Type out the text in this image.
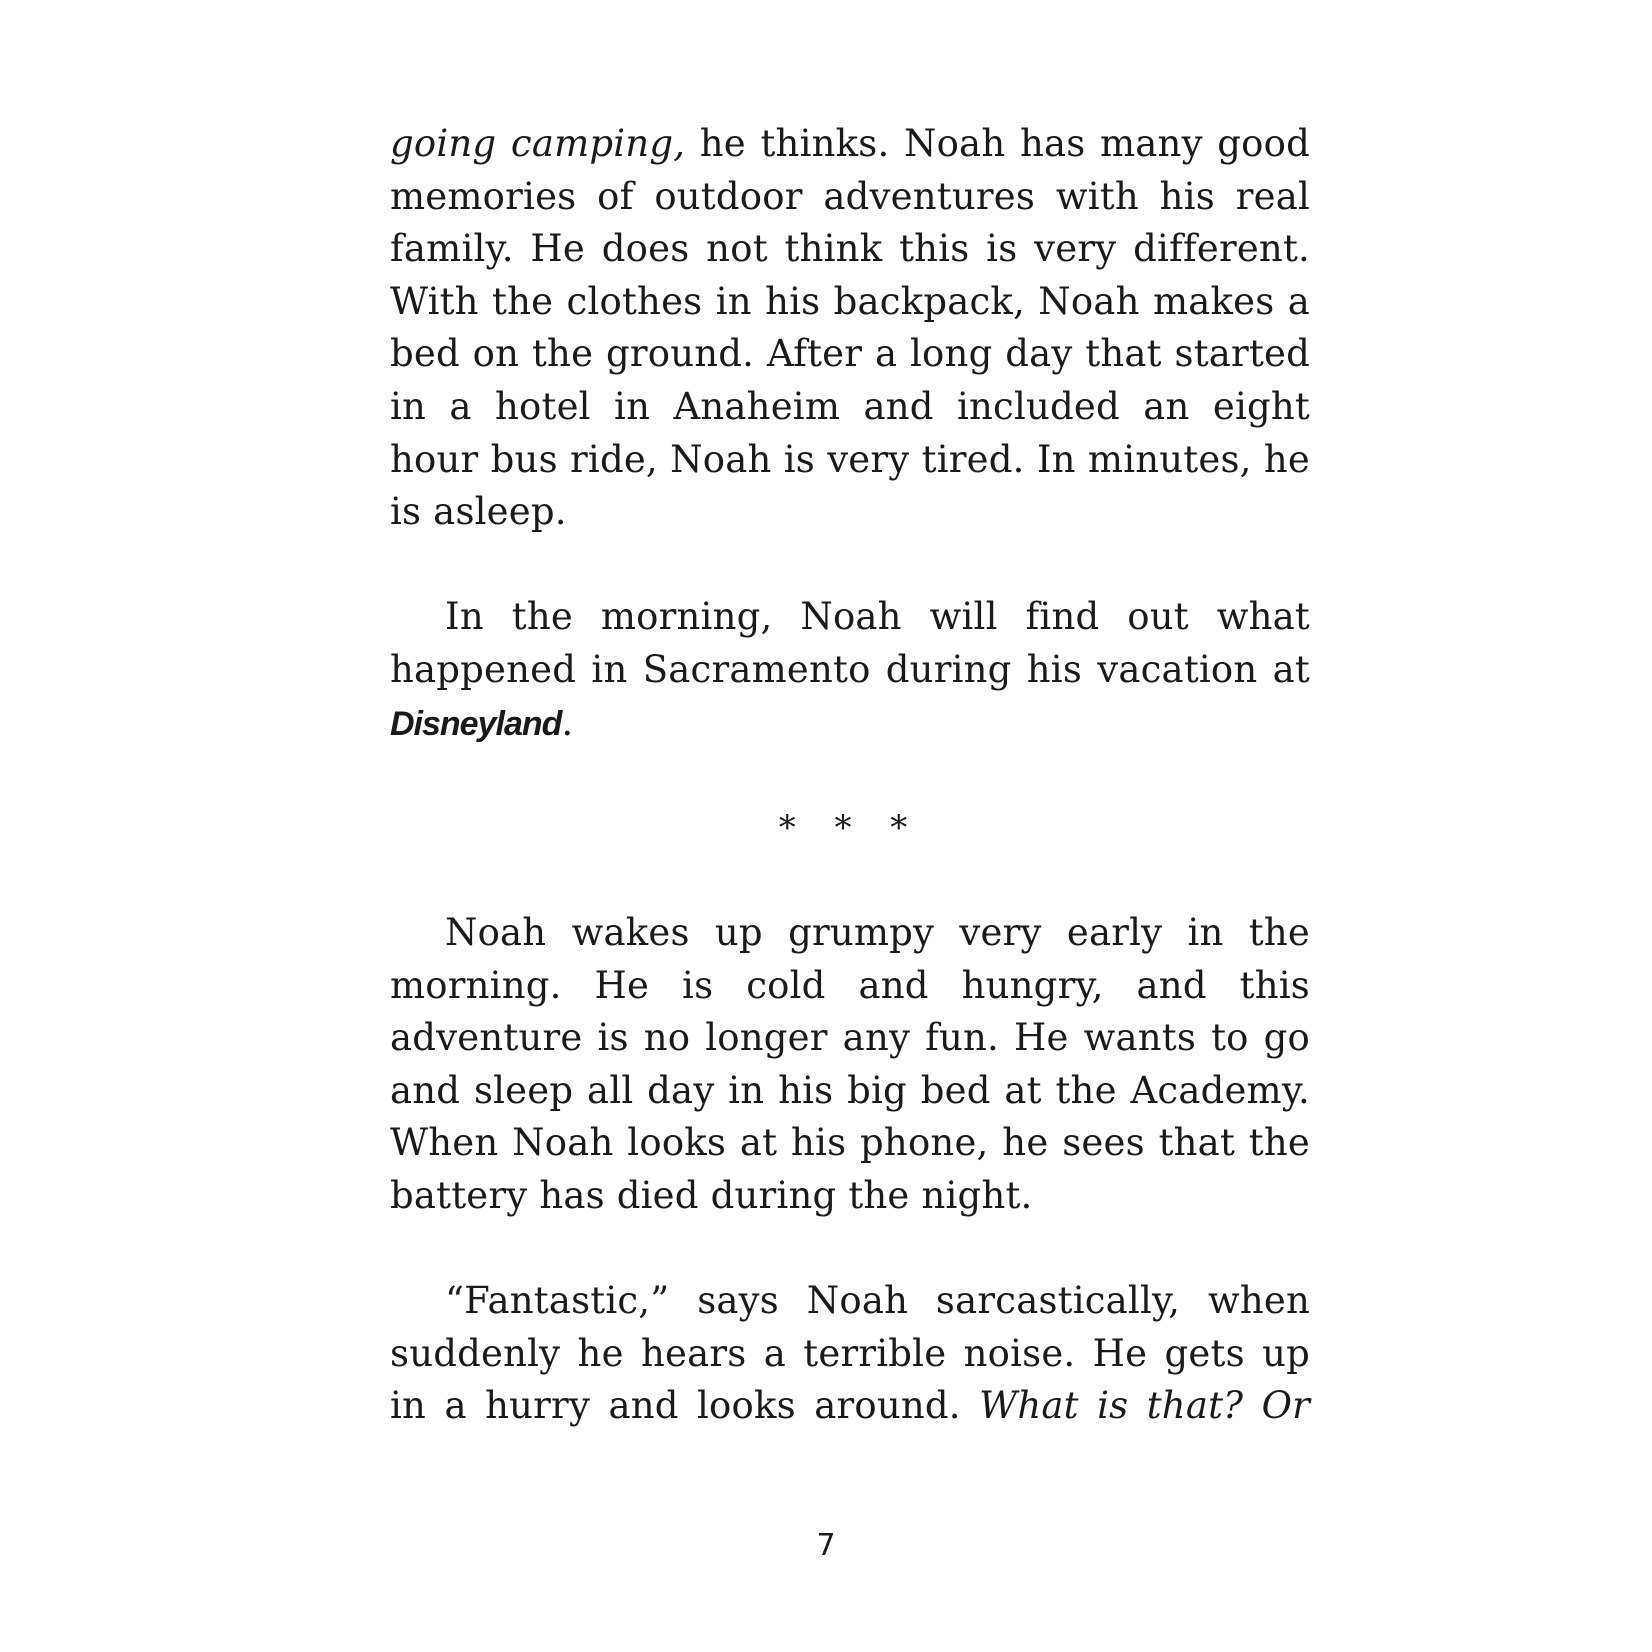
going camping, he thinks. Noah has many good
memories of outdoor adventures with his real
family. He does not think this is very different.
With the clothes in his backpack, Noah makes a
bed on the ground. After a long day that started
in a hotel in Anaheim and included an eight
hour bus ride, Noah is very tired. In minutes, he
is asleep.
In the morning, Noah will find out what
happened in Sacramento during his vacation at
Disneyland.
* * *
Noah wakes up grumpy very early in the
morning. He is cold and hungry, and this
adventure is no longer any fun. He wants to go
and sleep all day in his big bed at the Academy.
When Noah looks at his phone, he sees that the
battery has died during the night.
“Fantastic,” says Noah sarcastically, when
suddenly he hears a terrible noise. He gets up
in a hurry and looks around. What is that? Or
7
